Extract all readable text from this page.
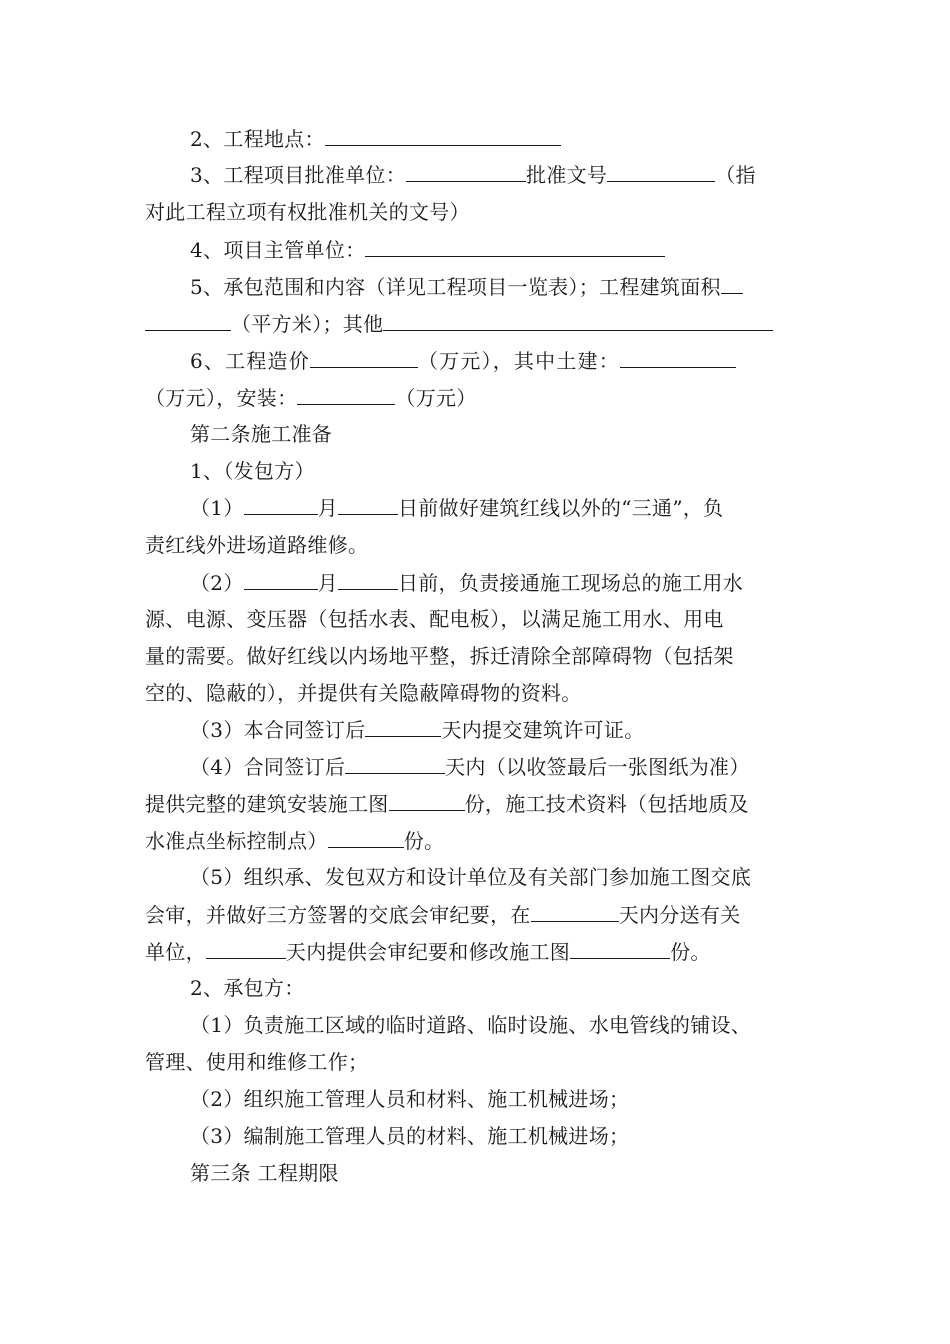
2、工程地点：
3、工程项目批准单位：	批准文号	（指
对此工程立项有权批准机关的文号）
4、项目主管单位：
5、承包范围和内容（详见工程项目一览表）；工程建筑面积
（平方米）；其他
6、工程造价	（万元），其中土建：
（万元），安装：	（万元）
第二条施工准备
1、（发包方）
（1）	月	日前做好建筑红线以外的“三通”，负
责红线外进场道路维修。
（2）	月	日前，负责接通施工现场总的施工用水
源、电源、变压器（包括水表、配电板），以满足施工用水、用电
量的需要。做好红线以内场地平整，拆迁清除全部障碍物（包括架
空的、隐蔽的），并提供有关隐蔽障碍物的资料。
（3）本合同签订后	天内提交建筑许可证。
（4）合同签订后	天内（以收签最后一张图纸为准）
提供完整的建筑安装施工图	份，施工技术资料（包括地质及
水准点坐标控制点）	份。
（5）组织承、发包双方和设计单位及有关部门参加施工图交底
会审，并做好三方签署的交底会审纪要，在	天内分送有关
单位，	天内提供会审纪要和修改施工图	份。
2、承包方：
（1）负责施工区域的临时道路、临时设施、水电管线的铺设、
管理、使用和维修工作；
（2）组织施工管理人员和材料、施工机械进场；
（3）编制施工管理人员的材料、施工机械进场；
第三条 工程期限
